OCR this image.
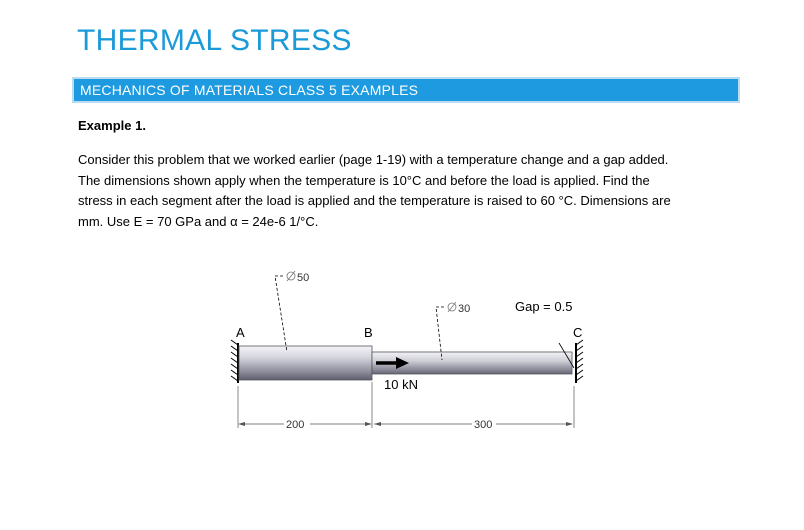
THERMAL STRESS
MECHANICS OF MATERIALS CLASS 5 EXAMPLES
Example 1.
Consider this problem that we worked earlier (page 1-19) with a temperature change and a gap added.
The dimensions shown apply when the temperature is 10°C and before the load is applied. Find the
stress in each segment after the load is applied and the temperature is raised to 60 °C. Dimensions are
mm. Use E = 70 GPa and α = 24e-6 1/°C.
A	B	C
50
30	Gap = 0.5
10 kN
200	300
